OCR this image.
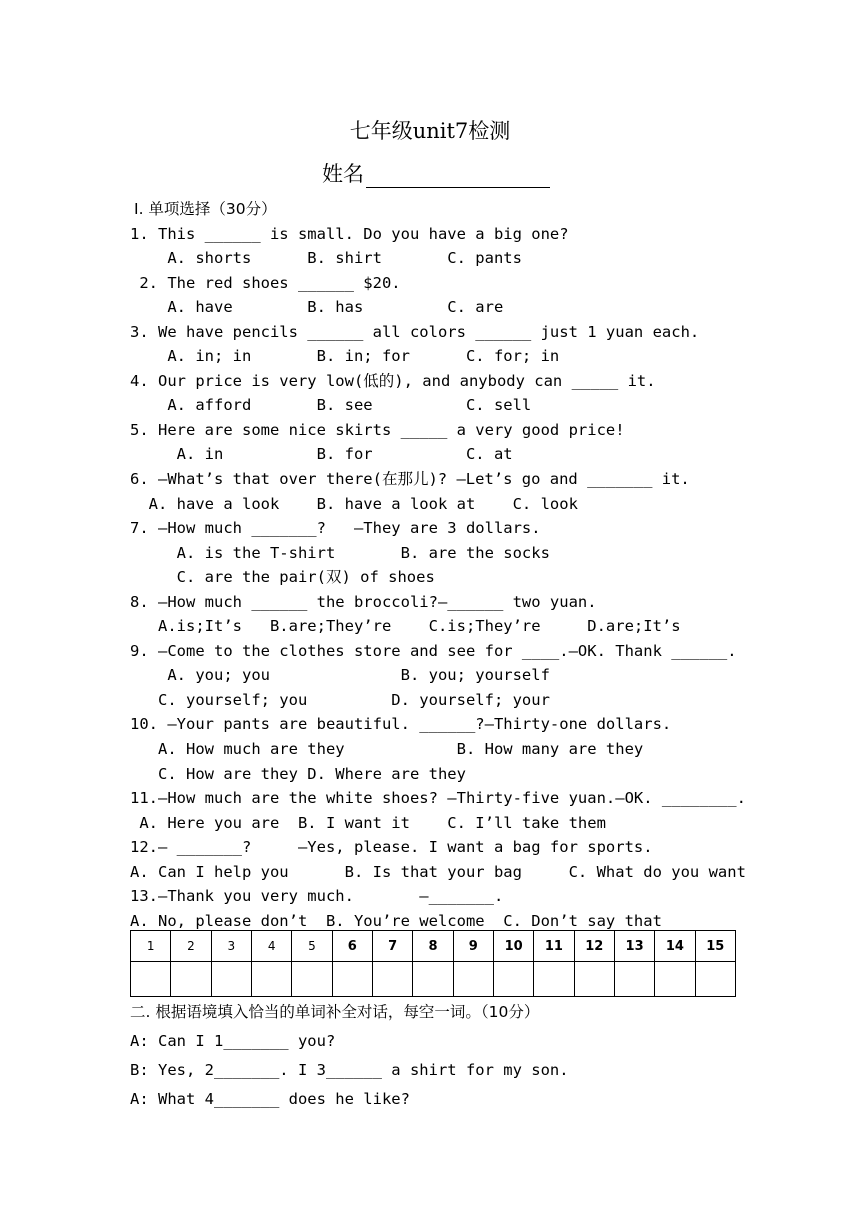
七年级unit7检测
姓名
Ⅰ. 单项选择（30分）
1. This ______ is small. Do you have a big one?
A. shorts      B. shirt       C. pants
2. The red shoes ______ $20.
A. have        B. has         C. are
3. We have pencils ______ all colors ______ just 1 yuan each.
A. in; in       B. in; for      C. for; in
4. Our price is very low(低的), and anybody can _____ it.
A. afford       B. see          C. sell
5. Here are some nice skirts _____ a very good price!
A. in          B. for          C. at
6. —What’s that over there(在那儿)? —Let’s go and _______ it.
A. have a look    B. have a look at    C. look
7. —How much _______?   —They are 3 dollars.
A. is the T-shirt       B. are the socks
C. are the pair(双) of shoes
8. —How much ______ the broccoli?—______ two yuan.
A.is;It’s   B.are;They’re    C.is;They’re     D.are;It’s
9. —Come to the clothes store and see for ____.—OK. Thank ______.
A. you; you              B. you; yourself
C. yourself; you         D. yourself; your
10. —Your pants are beautiful. ______?—Thirty-one dollars.
A. How much are they            B. How many are they
C. How are they D. Where are they
11.—How much are the white shoes? —Thirty-five yuan.—OK. ________.
A. Here you are  B. I want it    C. I’ll take them
12.— _______?     —Yes, please. I want a bag for sports.
A. Can I help you      B. Is that your bag     C. What do you want
13.—Thank you very much.       —_______.
A. No, please don’t  B. You’re welcome  C. Don’t say that
1	2	3	4	5	6	7	8	9	10	11	12	13	14	15

二. 根据语境填入恰当的单词补全对话，每空一词。（10分）
A: Can I 1_______ you?
B: Yes, 2_______. I 3______ a shirt for my son.
A: What 4_______ does he like?
